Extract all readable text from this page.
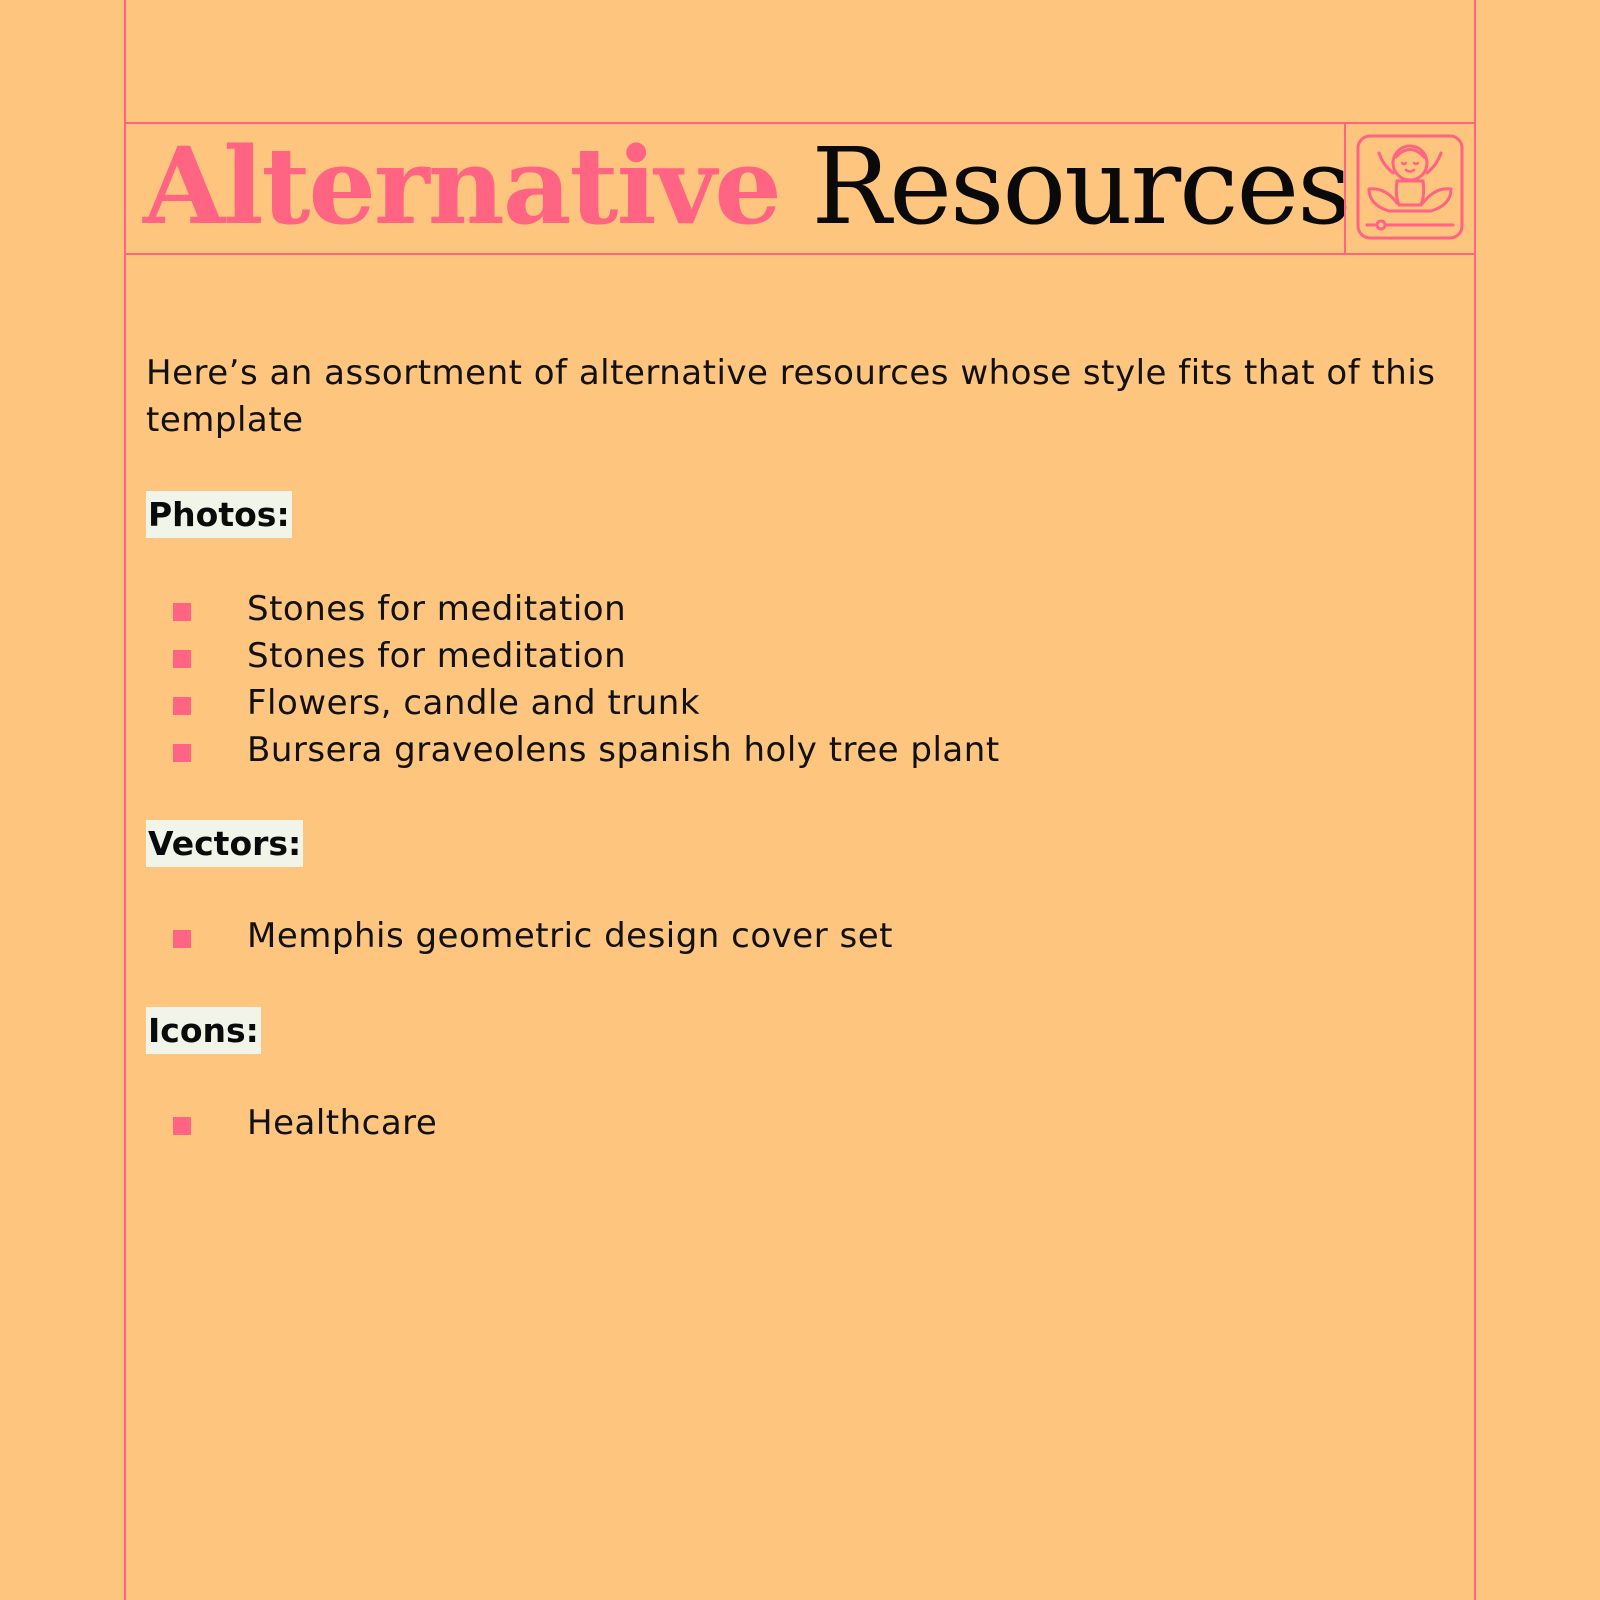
Alternative Resources
Here’s an assortment of alternative resources whose style fits that of this template
Photos:
Stones for meditation
Stones for meditation
Flowers, candle and trunk
Bursera graveolens spanish holy tree plant
Vectors:
Memphis geometric design cover set
Icons:
Healthcare
